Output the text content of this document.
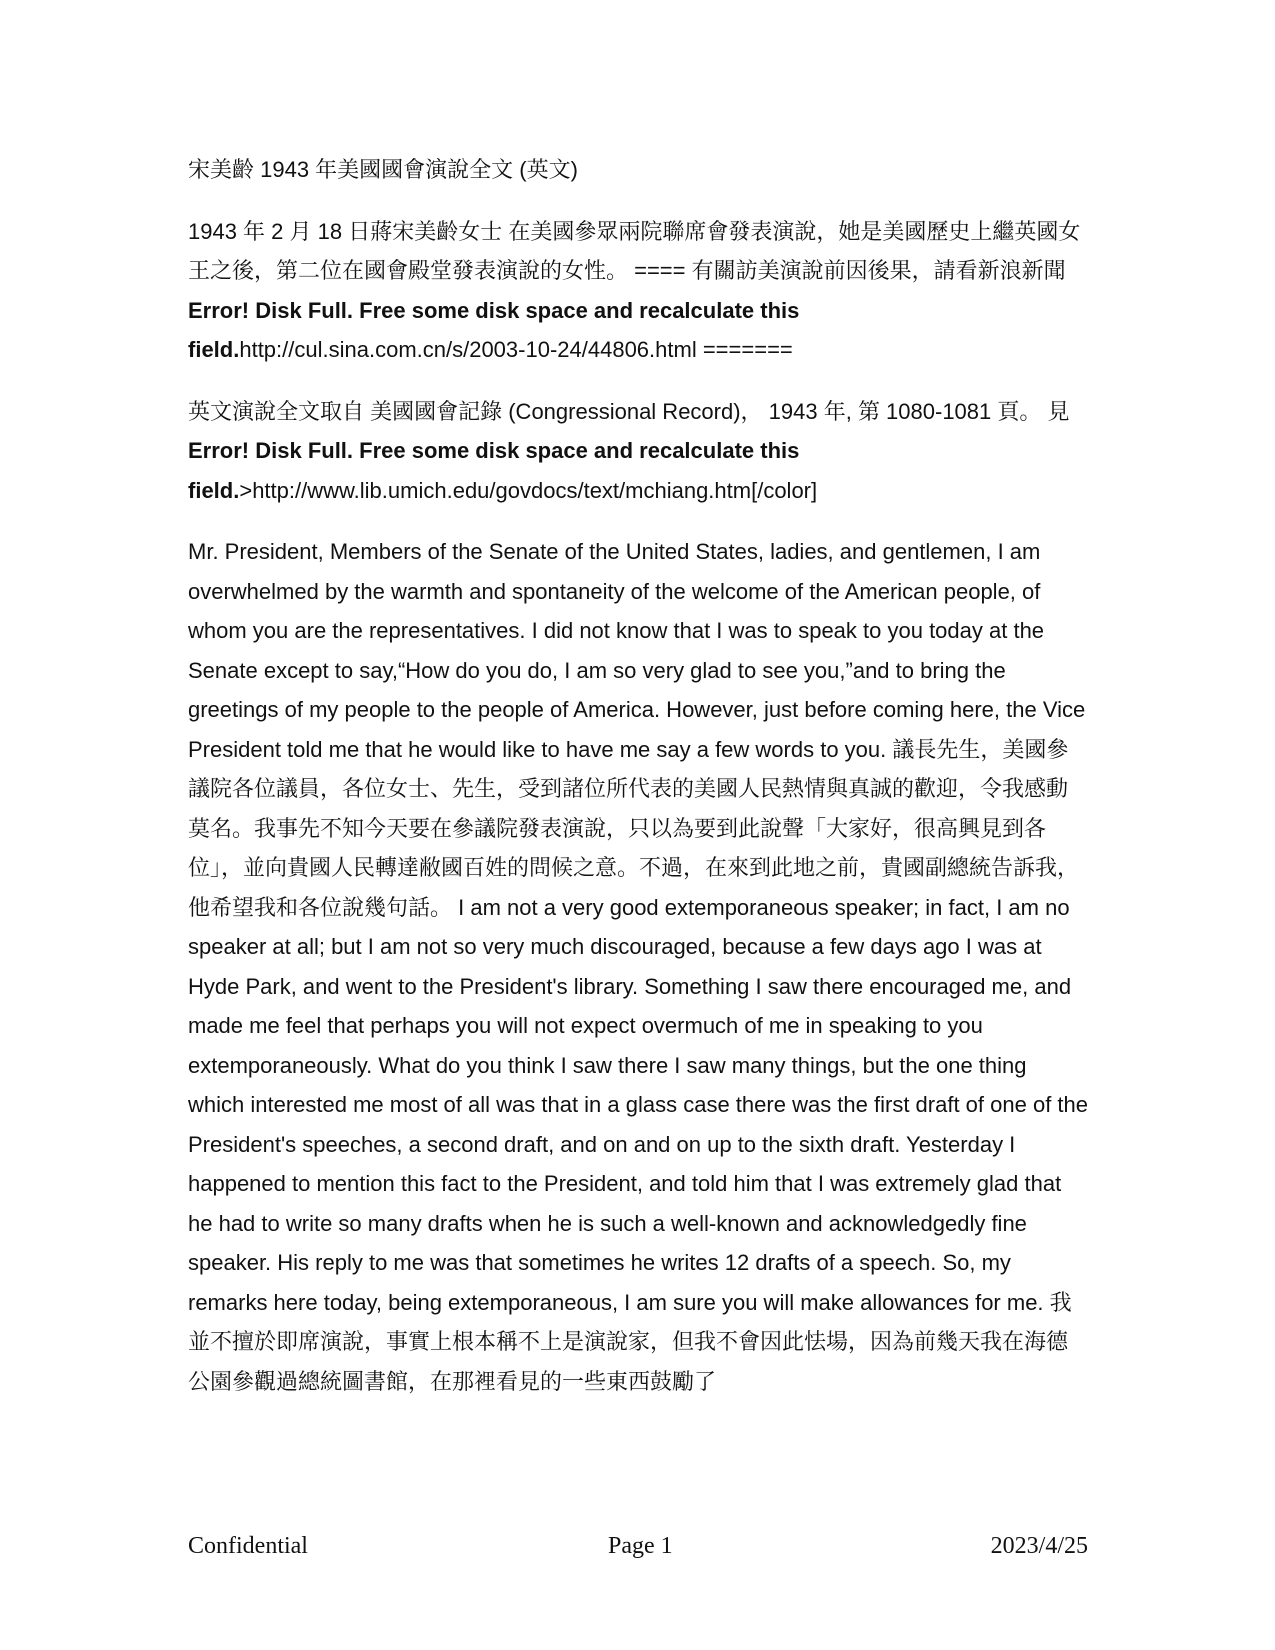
宋美齡 1943 年美國國會演說全文 (英文)

1943 年 2 月 18 日蔣宋美齡女士 在美國參眾兩院聯席會發表演說，她是美國歷史上繼英國女王之後，第二位在國會殿堂發表演說的女性。 ==== 有關訪美演說前因後果，請看新浪新聞 Error! Disk Full. Free some disk space and recalculate this field.http://cul.sina.com.cn/s/2003-10-24/44806.html =======

英文演說全文取自 美國國會記錄 (Congressional Record)， 1943 年, 第 1080-1081 頁。 見 Error! Disk Full. Free some disk space and recalculate this field.>http://www.lib.umich.edu/govdocs/text/mchiang.htm[/color]

Mr. President, Members of the Senate of the United States, ladies, and gentlemen, I am overwhelmed by the warmth and spontaneity of the welcome of the American people, of whom you are the representatives. I did not know that I was to speak to you today at the Senate except to say,“How do you do, I am so very glad to see you,”and to bring the greetings of my people to the people of America. However, just before coming here, the Vice President told me that he would like to have me say a few words to you. 議長先生，美國參議院各位議員，各位女士、先生，受到諸位所代表的美國人民熱情與真誠的歡迎，令我感動莫名。我事先不知今天要在參議院發表演說，只以為要到此說聲「大家好，很高興見到各位」，並向貴國人民轉達敝國百姓的問候之意。不過，在來到此地之前，貴國副總統告訴我，他希望我和各位說幾句話。 I am not a very good extemporaneous speaker; in fact, I am no speaker at all; but I am not so very much discouraged, because a few days ago I was at Hyde Park, and went to the President's library. Something I saw there encouraged me, and made me feel that perhaps you will not expect overmuch of me in speaking to you extemporaneously. What do you think I saw there I saw many things, but the one thing which interested me most of all was that in a glass case there was the first draft of one of the President's speeches, a second draft, and on and on up to the sixth draft. Yesterday I happened to mention this fact to the President, and told him that I was extremely glad that he had to write so many drafts when he is such a well-known and acknowledgedly fine speaker. His reply to me was that sometimes he writes 12 drafts of a speech. So, my remarks here today, being extemporaneous, I am sure you will make allowances for me. 我並不擅於即席演說，事實上根本稱不上是演說家，但我不會因此怯場，因為前幾天我在海德公園參觀過總統圖書館，在那裡看見的一些東西鼓勵了

Confidential	Page 1	2023/4/25
